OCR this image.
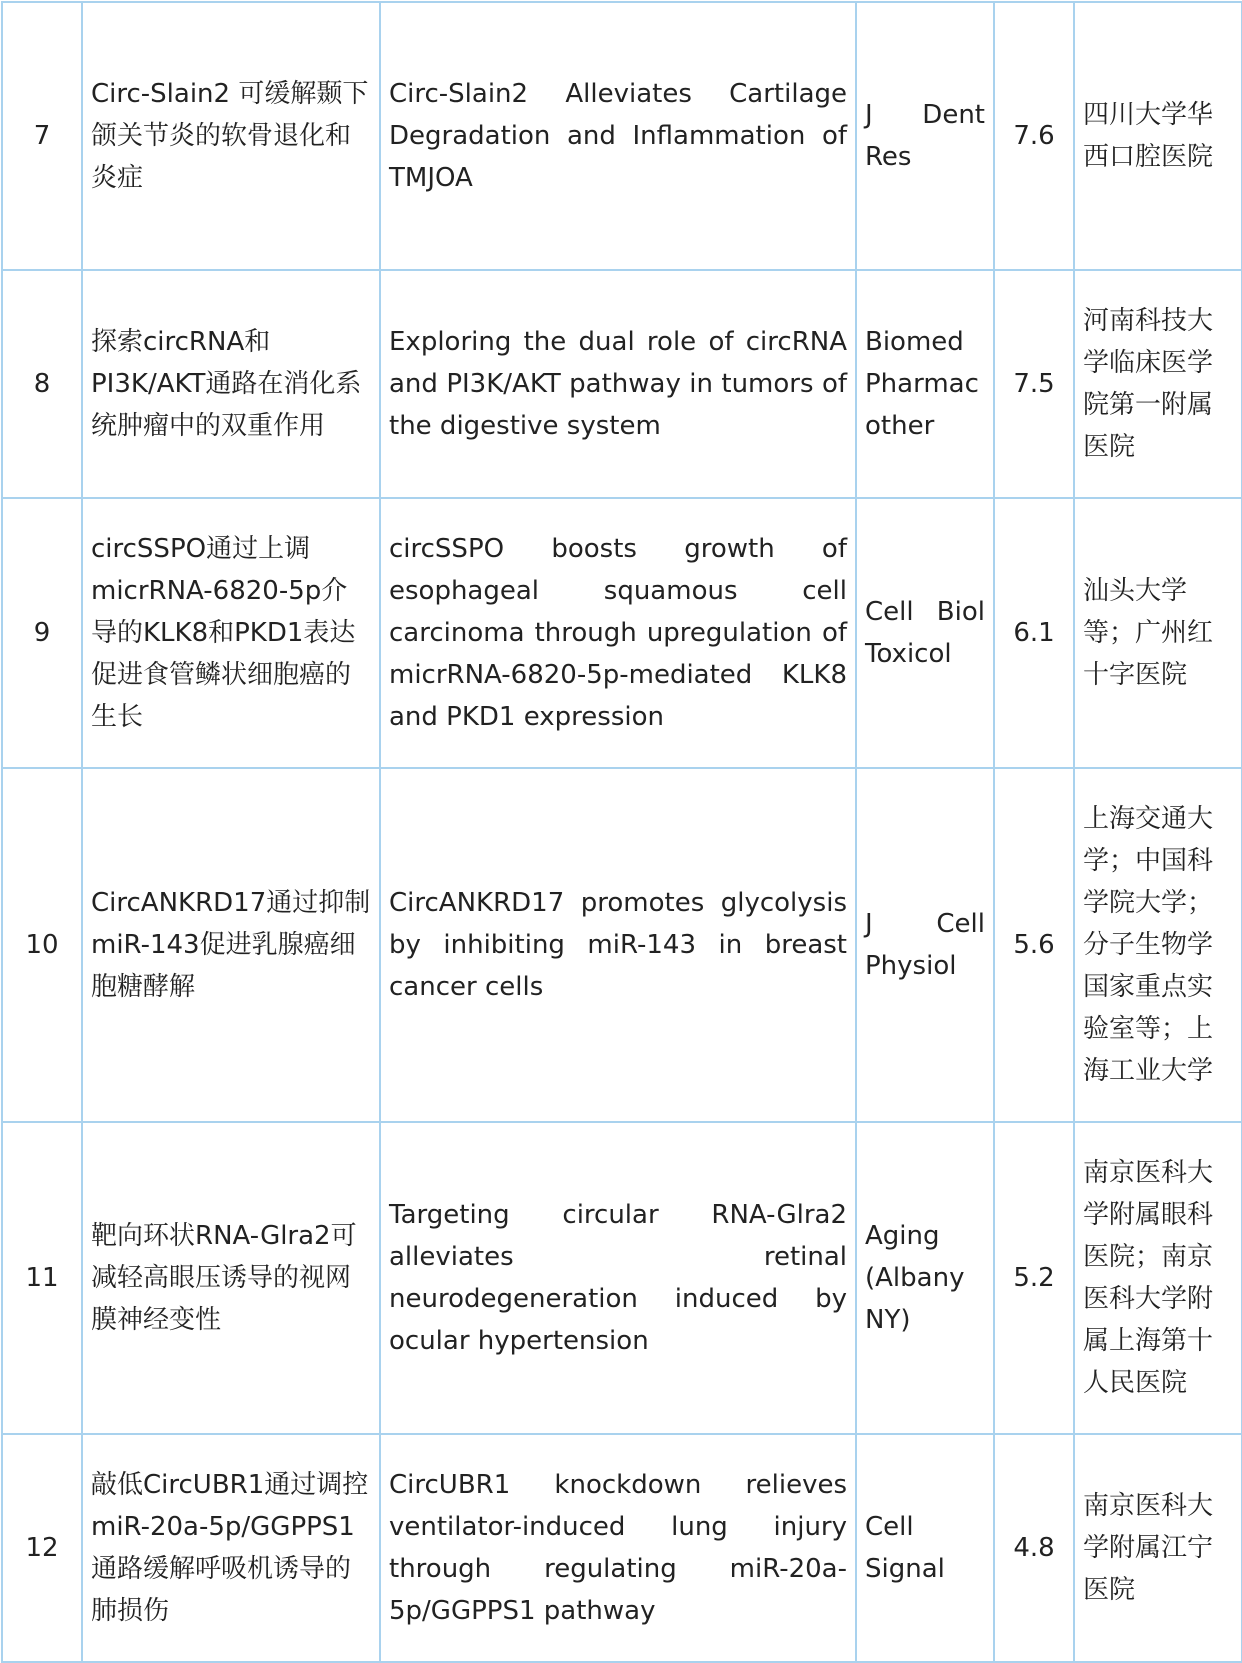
7	Circ-Slain2 可缓解颞下颌关节炎的软骨退化和炎症	Circ-Slain2 Alleviates Cartilage Degradation and Inflammation of TMJOA	J Dent Res	7.6	四川大学华西口腔医院
8	探索circRNA和PI3K/AKT通路在消化系统肿瘤中的双重作用	Exploring the dual role of circRNA and PI3K/AKT pathway in tumors of the digestive system	Biomed Pharmacother	7.5	河南科技大学临床医学院第一附属医院
9	circSSPO通过上调micrRNA-6820-5p介导的KLK8和PKD1表达促进食管鳞状细胞癌的生长	circSSPO boosts growth of esophageal squamous cell carcinoma through upregulation of micrRNA-6820-5p-mediated KLK8 and PKD1 expression	Cell Biol Toxicol	6.1	汕头大学等；广州红十字医院
10	CircANKRD17通过抑制miR-143促进乳腺癌细胞糖酵解	CircANKRD17 promotes glycolysis by inhibiting miR-143 in breast cancer cells	J Cell Physiol	5.6	上海交通大学；中国科学院大学；分子生物学国家重点实验室等；上海工业大学
11	靶向环状RNA-Glra2可减轻高眼压诱导的视网膜神经变性	Targeting circular RNA-Glra2 alleviates retinal neurodegeneration induced by ocular hypertension	Aging (Albany NY)	5.2	南京医科大学附属眼科医院；南京医科大学附属上海第十人民医院
12	敲低CircUBR1通过调控miR-20a-5p/GGPPS1通路缓解呼吸机诱导的肺损伤	CircUBR1 knockdown relieves ventilator-induced lung injury through regulating miR-20a-5p/GGPPS1 pathway	Cell Signal	4.8	南京医科大学附属江宁医院
